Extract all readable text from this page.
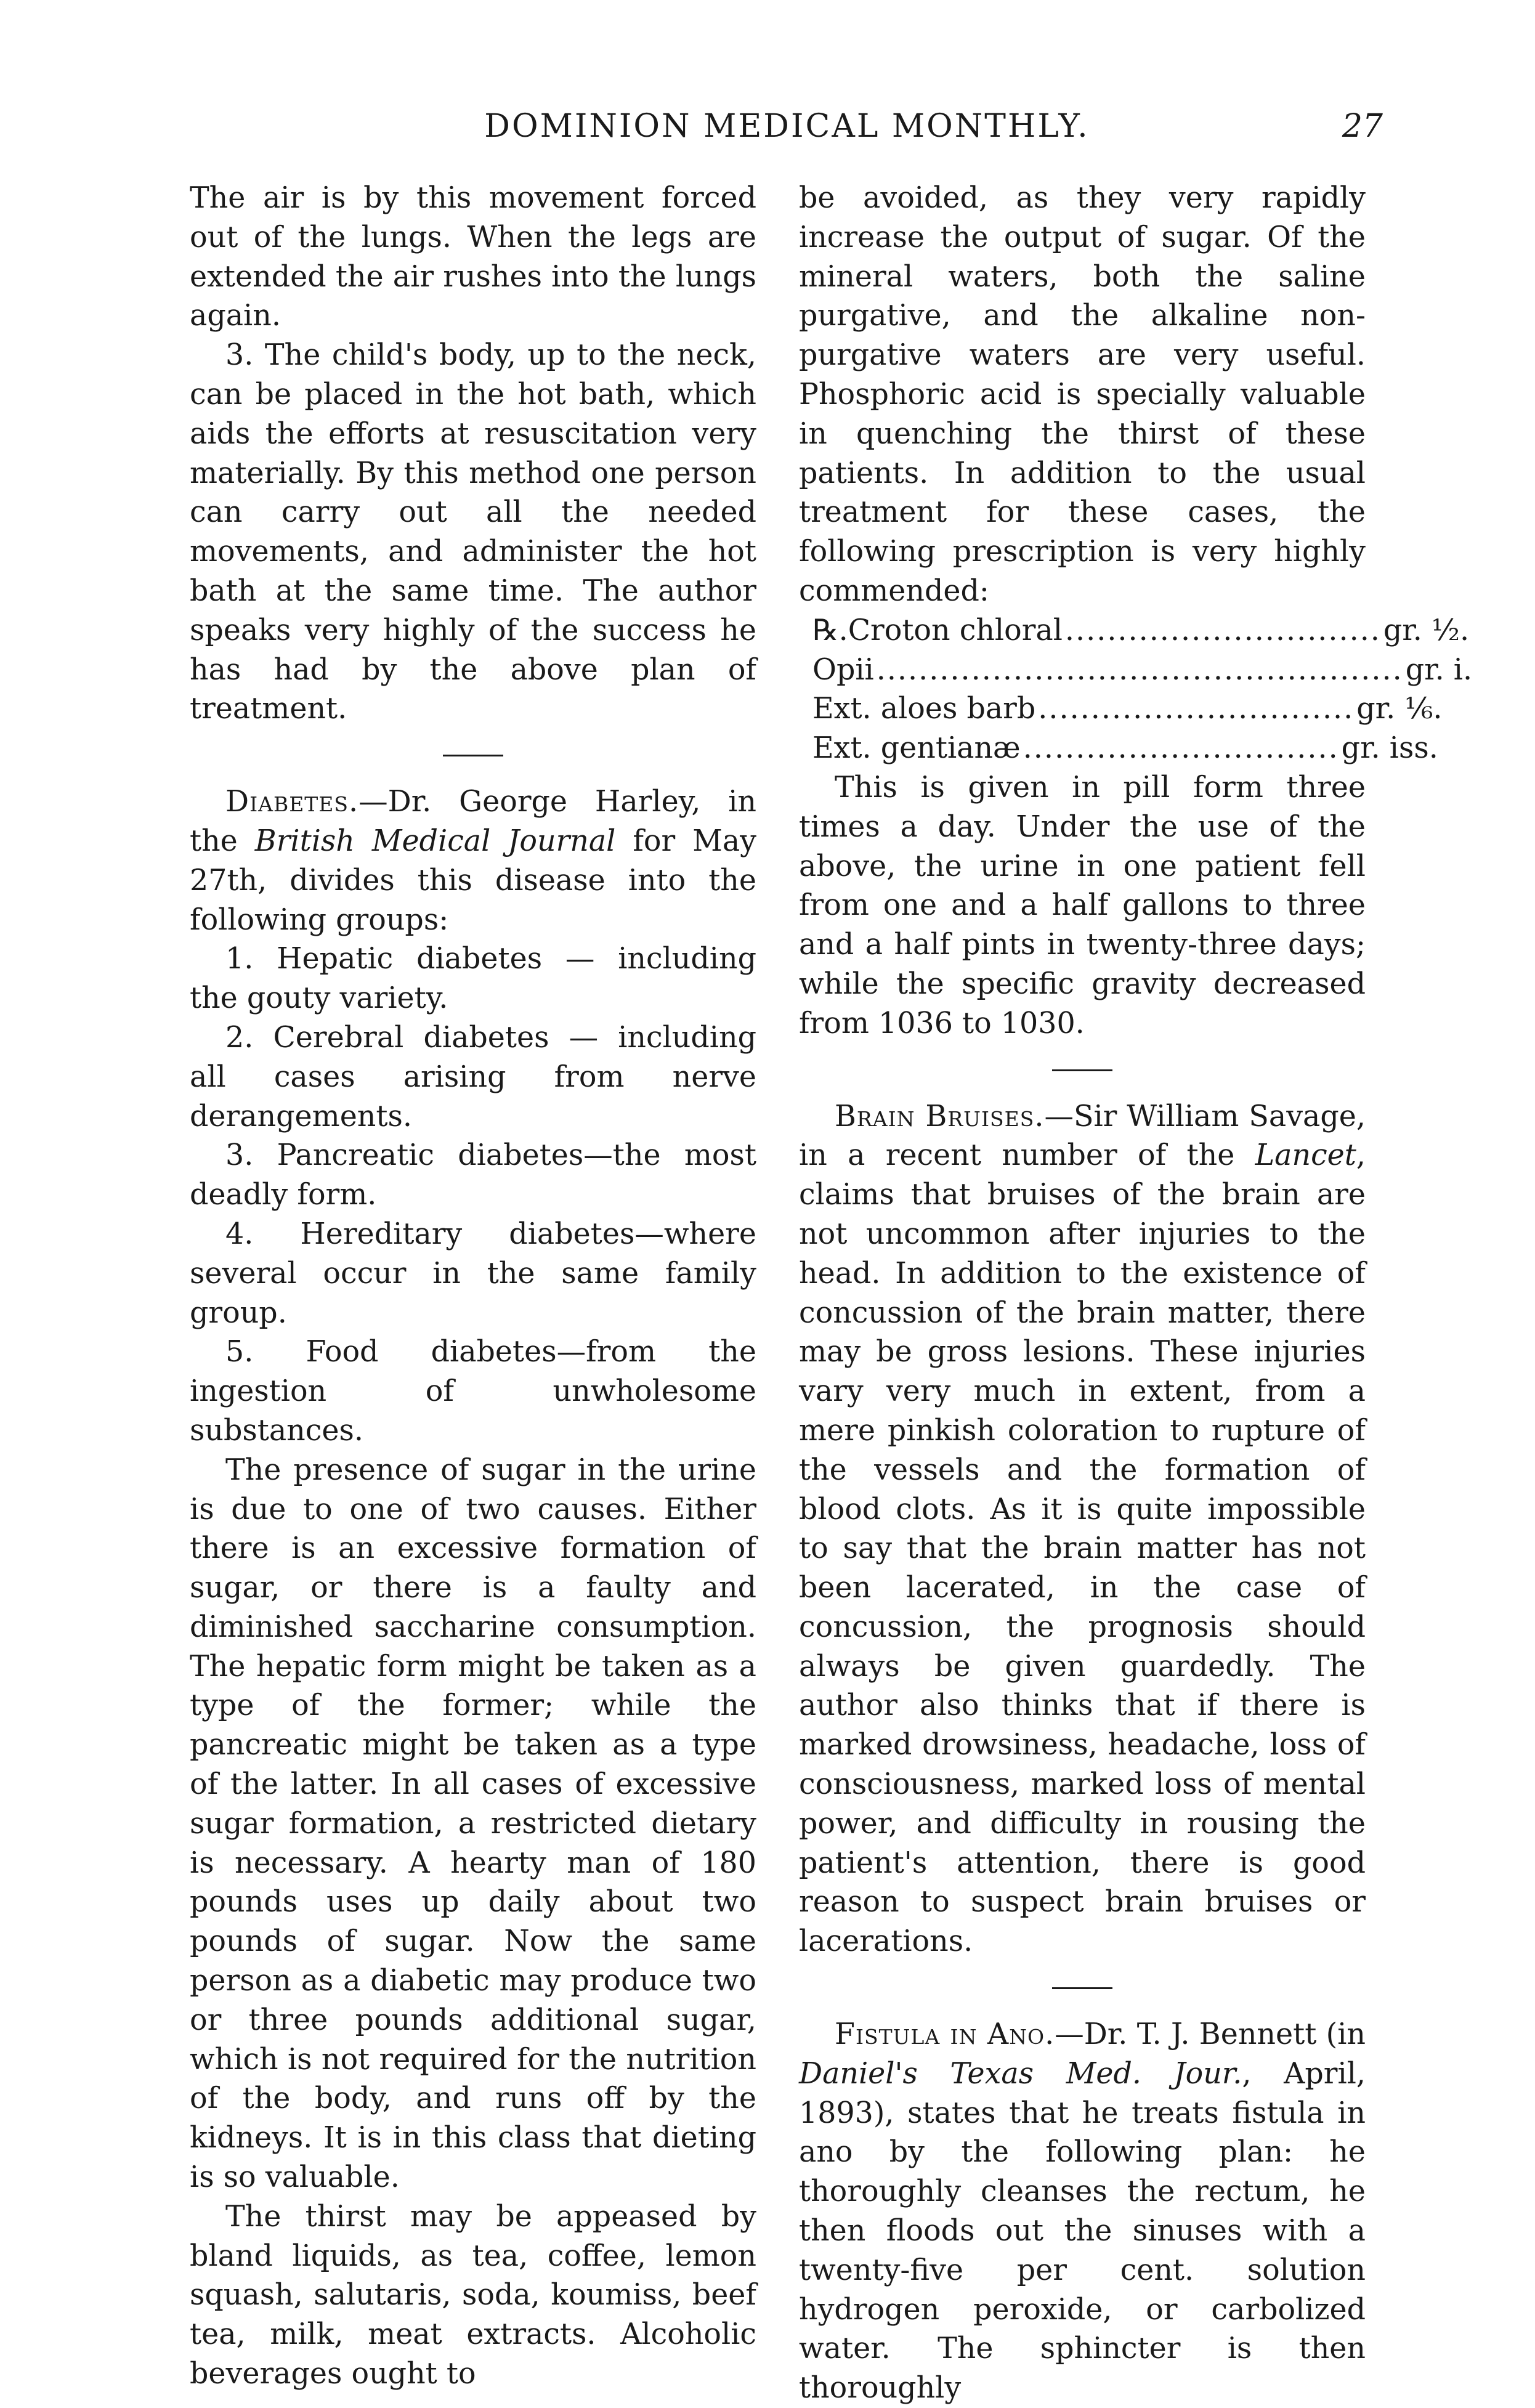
DOMINION MEDICAL MONTHLY.	27

The air is by this movement forced out of the lungs. When the legs are extended the air rushes into the lungs again.

3. The child's body, up to the neck, can be placed in the hot bath, which aids the efforts at resuscitation very materially. By this method one person can carry out all the needed movements, and administer the hot bath at the same time. The author speaks very highly of the success he has had by the above plan of treatment.

Diabetes.—Dr. George Harley, in the British Medical Journal for May 27th, divides this disease into the following groups:

1. Hepatic diabetes — including the gouty variety.

2. Cerebral diabetes — including all cases arising from nerve derangements.

3. Pancreatic diabetes—the most deadly form.

4. Hereditary diabetes—where several occur in the same family group.

5. Food diabetes—from the ingestion of unwholesome substances.

The presence of sugar in the urine is due to one of two causes. Either there is an excessive formation of sugar, or there is a faulty and diminished saccharine consumption. The hepatic form might be taken as a type of the former; while the pancreatic might be taken as a type of the latter. In all cases of excessive sugar formation, a restricted dietary is necessary. A hearty man of 180 pounds uses up daily about two pounds of sugar. Now the same person as a diabetic may produce two or three pounds additional sugar, which is not required for the nutrition of the body, and runs off by the kidneys. It is in this class that dieting is so valuable.

The thirst may be appeased by bland liquids, as tea, coffee, lemon squash, salutaris, soda, koumiss, beef tea, milk, meat extracts. Alcoholic beverages ought to

be avoided, as they very rapidly increase the output of sugar. Of the mineral waters, both the saline purgative, and the alkaline non-purgative waters are very useful. Phosphoric acid is specially valuable in quenching the thirst of these patients. In addition to the usual treatment for these cases, the following prescription is very highly commended:

℞. Croton chloral .............................. gr. ½.
Opii .................................................. gr. i.
Ext. aloes barb .............................. gr. ⅙.
Ext. gentianæ .............................. gr. iss.

This is given in pill form three times a day. Under the use of the above, the urine in one patient fell from one and a half gallons to three and a half pints in twenty-three days; while the specific gravity decreased from 1036 to 1030.

Brain Bruises.—Sir William Savage, in a recent number of the Lancet, claims that bruises of the brain are not uncommon after injuries to the head. In addition to the existence of concussion of the brain matter, there may be gross lesions. These injuries vary very much in extent, from a mere pinkish coloration to rupture of the vessels and the formation of blood clots. As it is quite impossible to say that the brain matter has not been lacerated, in the case of concussion, the prognosis should always be given guardedly. The author also thinks that if there is marked drowsiness, headache, loss of consciousness, marked loss of mental power, and difficulty in rousing the patient's attention, there is good reason to suspect brain bruises or lacerations.

Fistula in Ano.—Dr. T. J. Bennett (in Daniel's Texas Med. Jour., April, 1893), states that he treats fistula in ano by the following plan: he thoroughly cleanses the rectum, he then floods out the sinuses with a twenty-five per cent. solution hydrogen peroxide, or carbolized water. The sphincter is then thoroughly
